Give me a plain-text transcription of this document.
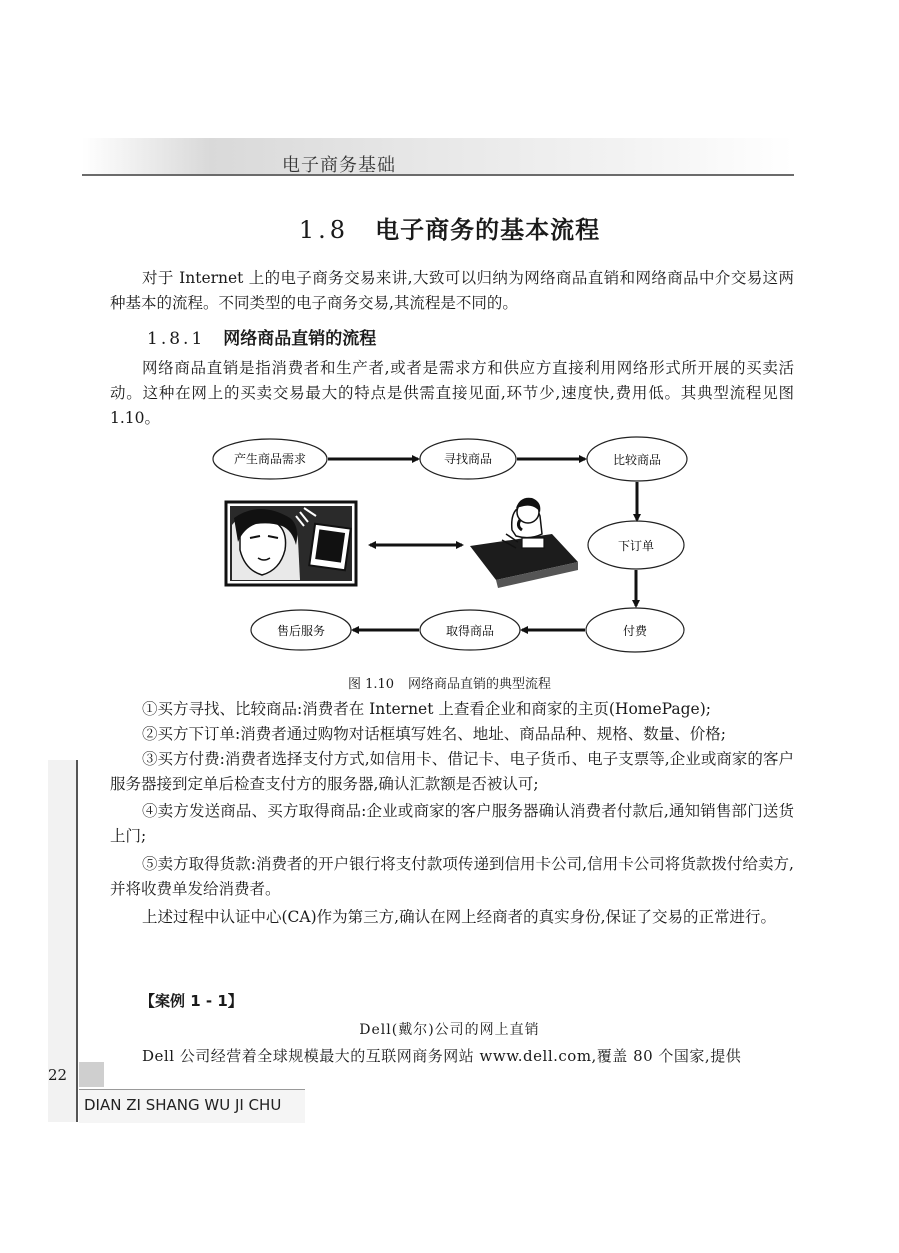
电子商务基础
1.8 电子商务的基本流程
对于 Internet 上的电子商务交易来讲,大致可以归纳为网络商品直销和网络商品中介交易这两种基本的流程。不同类型的电子商务交易,其流程是不同的。
1.8.1 网络商品直销的流程
网络商品直销是指消费者和生产者,或者是需求方和供应方直接利用网络形式所开展的买卖活动。这种在网上的买卖交易最大的特点是供需直接见面,环节少,速度快,费用低。其典型流程见图 1.10。
产生商品需求	寻找商品	比较商品
下订单
付费
取得商品
售后服务
图 1.10 网络商品直销的典型流程
①买方寻找、比较商品:消费者在 Internet 上查看企业和商家的主页(HomePage);
②买方下订单:消费者通过购物对话框填写姓名、地址、商品品种、规格、数量、价格;
③买方付费:消费者选择支付方式,如信用卡、借记卡、电子货币、电子支票等,企业或商家的客户服务器接到定单后检查支付方的服务器,确认汇款额是否被认可;
④卖方发送商品、买方取得商品:企业或商家的客户服务器确认消费者付款后,通知销售部门送货上门;
⑤卖方取得货款:消费者的开户银行将支付款项传递到信用卡公司,信用卡公司将货款拨付给卖方,并将收费单发给消费者。
上述过程中认证中心(CA)作为第三方,确认在网上经商者的真实身份,保证了交易的正常进行。
【案例 1 - 1】
Dell(戴尔)公司的网上直销
Dell 公司经营着全球规模最大的互联网商务网站 www.dell.com,覆盖 80 个国家,提供
22
DIAN ZI SHANG WU JI CHU
